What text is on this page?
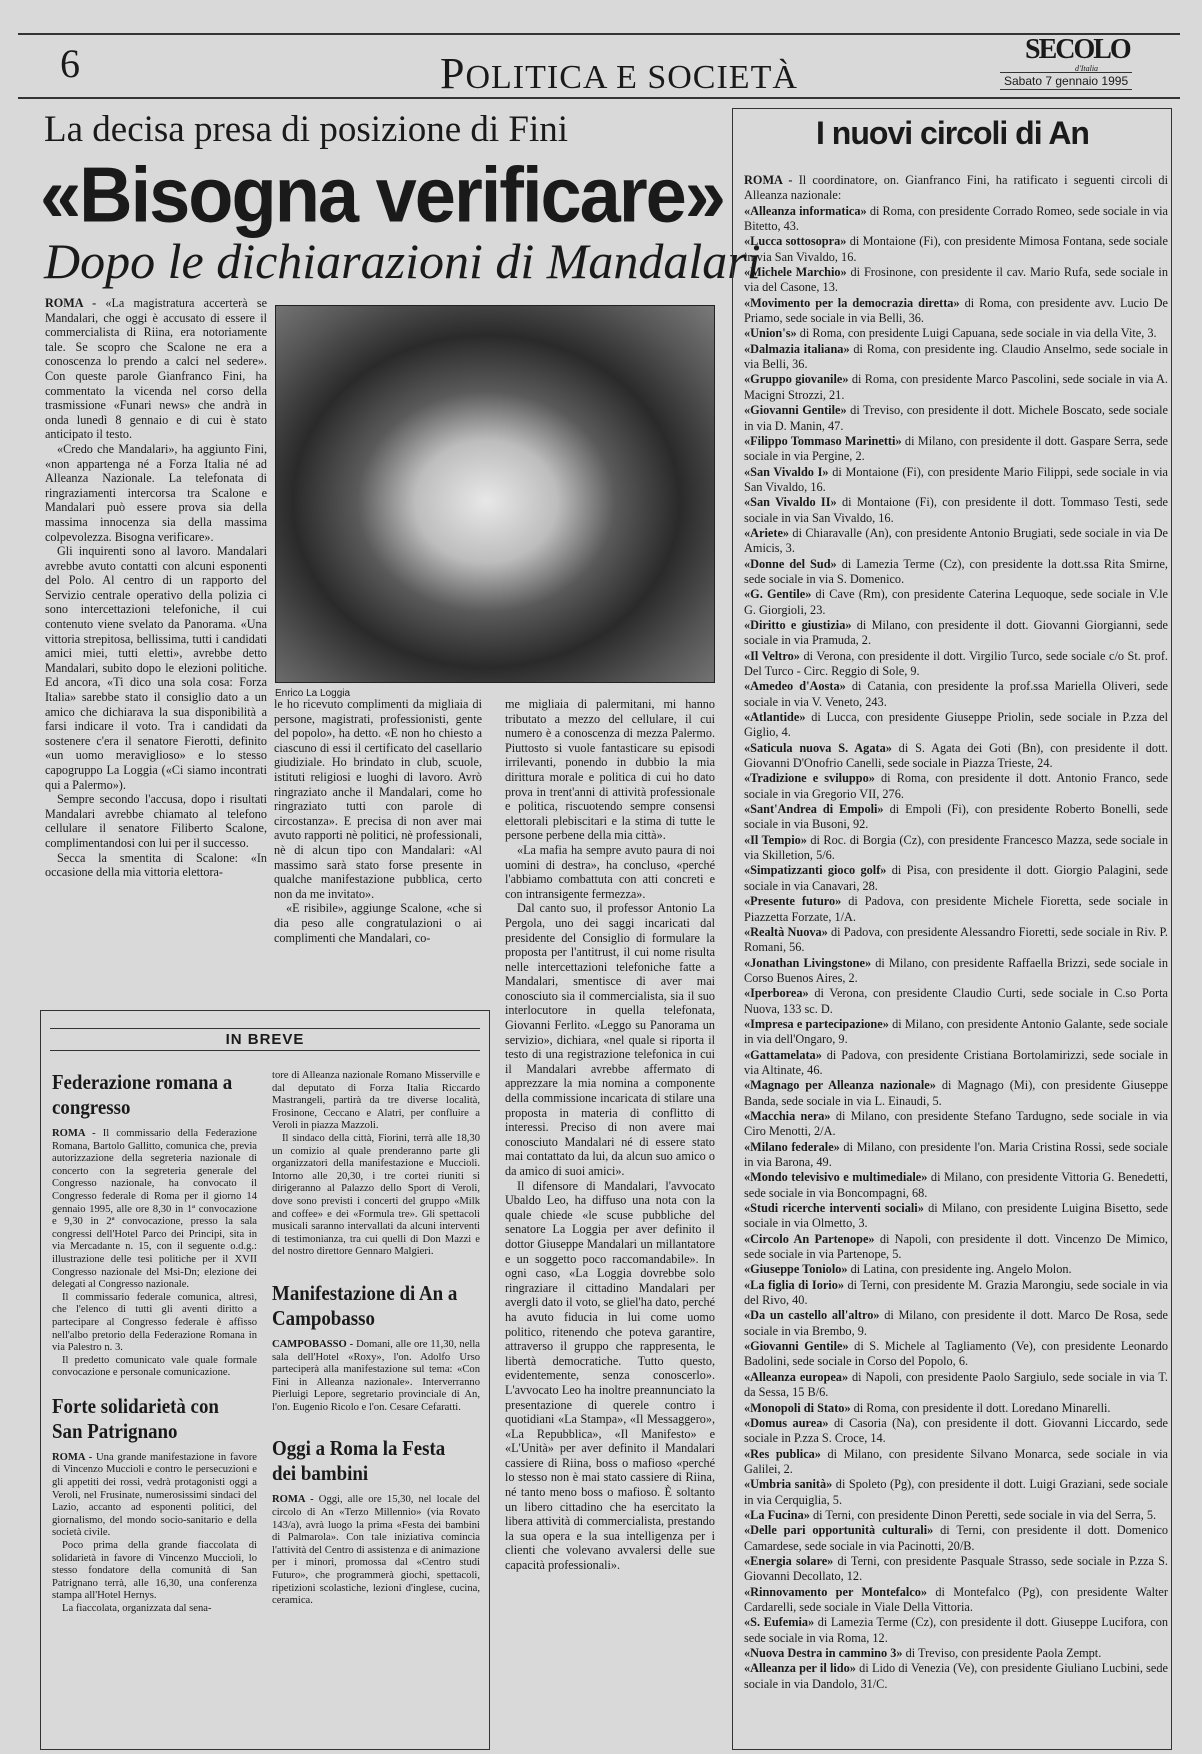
6	POLITICA E SOCIETÀ
SECOLO
d'Italia
Sabato 7 gennaio 1995
La decisa presa di posizione di Fini
«Bisogna verificare»
Dopo le dichiarazioni di Mandalari
Enrico La Loggia

ROMA - «La magistratura accerterà se Mandalari, che oggi è accusato di essere il commercialista di Riina, era notoriamente tale. Se scopro che Scalone ne era a conoscenza lo prendo a calci nel sedere». Con queste parole Gianfranco Fini, ha commentato la vicenda nel corso della trasmissione «Funari news» che andrà in onda lunedì 8 gennaio e di cui è stato anticipato il testo.

«Credo che Mandalari», ha aggiunto Fini, «non appartenga né a Forza Italia né ad Alleanza Nazionale. La telefonata di ringraziamenti intercorsa tra Scalone e Mandalari può essere prova sia della massima innocenza sia della massima colpevolezza. Bisogna verificare».

Gli inquirenti sono al lavoro. Mandalari avrebbe avuto contatti con alcuni esponenti del Polo. Al centro di un rapporto del Servizio centrale operativo della polizia ci sono intercettazioni telefoniche, il cui contenuto viene svelato da Panorama. «Una vittoria strepitosa, bellissima, tutti i candidati amici miei, tutti eletti», avrebbe detto Mandalari, subito dopo le elezioni politiche. Ed ancora, «Ti dico una sola cosa: Forza Italia» sarebbe stato il consiglio dato a un amico che dichiarava la sua disponibilità a farsi indicare il voto. Tra i candidati da sostenere c'era il senatore Fierotti, definito «un uomo meraviglioso» e lo stesso capogruppo La Loggia («Ci siamo incontrati qui a Palermo»).

Sempre secondo l'accusa, dopo i risultati Mandalari avrebbe chiamato al telefono cellulare il senatore Filiberto Scalone, complimentandosi con lui per il successo.

Secca la smentita di Scalone: «In occasione della mia vittoria elettora-

le ho ricevuto complimenti da migliaia di persone, magistrati, professionisti, gente del popolo», ha detto. «E non ho chiesto a ciascuno di essi il certificato del casellario giudiziale. Ho brindato in club, scuole, istituti religiosi e luoghi di lavoro. Avrò ringraziato anche il Mandalari, come ho ringraziato tutti con parole di circostanza». E precisa di non aver mai avuto rapporti nè politici, nè professionali, nè di alcun tipo con Mandalari: «Al massimo sarà stato forse presente in qualche manifestazione pubblica, certo non da me invitato».

«E risibile», aggiunge Scalone, «che si dia peso alle congratulazioni o ai complimenti che Mandalari, co-

me migliaia di palermitani, mi hanno tributato a mezzo del cellulare, il cui numero è a conoscenza di mezza Palermo. Piuttosto si vuole fantasticare su episodi irrilevanti, ponendo in dubbio la mia dirittura morale e politica di cui ho dato prova in trent'anni di attività professionale e politica, riscuotendo sempre consensi elettorali plebiscitari e la stima di tutte le persone perbene della mia città».

«La mafia ha sempre avuto paura di noi uomini di destra», ha concluso, «perché l'abbiamo combattuta con atti concreti e con intransigente fermezza».

Dal canto suo, il professor Antonio La Pergola, uno dei saggi incaricati dal presidente del Consiglio di formulare la proposta per l'antitrust, il cui nome risulta nelle intercettazioni telefoniche fatte a Mandalari, smentisce di aver mai conosciuto sia il commercialista, sia il suo interlocutore in quella telefonata, Giovanni Ferlito. «Leggo su Panorama un servizio», dichiara, «nel quale si riporta il testo di una registrazione telefonica in cui il Mandalari avrebbe affermato di apprezzare la mia nomina a componente della commissione incaricata di stilare una proposta in materia di conflitto di interessi. Preciso di non avere mai conosciuto Mandalari né di essere stato mai contattato da lui, da alcun suo amico o da amico di suoi amici».

Il difensore di Mandalari, l'avvocato Ubaldo Leo, ha diffuso una nota con la quale chiede «le scuse pubbliche del senatore La Loggia per aver definito il dottor Giuseppe Mandalari un millantatore e un soggetto poco raccomandabile». In ogni caso, «La Loggia dovrebbe solo ringraziare il cittadino Mandalari per avergli dato il voto, se gliel'ha dato, perché ha avuto fiducia in lui come uomo politico, ritenendo che poteva garantire, attraverso il gruppo che rappresenta, le libertà democratiche. Tutto questo, evidentemente, senza conoscerlo». L'avvocato Leo ha inoltre preannunciato la presentazione di querele contro i quotidiani «La Stampa», «Il Messaggero», «La Repubblica», «Il Manifesto» e «L'Unità» per aver definito il Mandalari cassiere di Riina, boss o mafioso «perché lo stesso non è mai stato cassiere di Riina, né tanto meno boss o mafioso. È soltanto un libero cittadino che ha esercitato la libera attività di commercialista, prestando la sua opera e la sua intelligenza per i clienti che volevano avvalersi delle sue capacità professionali».

IN BREVE
Federazione romana a congresso

ROMA - Il commissario della Federazione Romana, Bartolo Gallitto, comunica che, previa autorizzazione della segreteria nazionale di concerto con la segreteria generale del Congresso nazionale, ha convocato il Congresso federale di Roma per il giorno 14 gennaio 1995, alle ore 8,30 in 1ª convocazione e 9,30 in 2ª convocazione, presso la sala congressi dell'Hotel Parco dei Principi, sita in via Mercadante n. 15, con il seguente o.d.g.: illustrazione delle tesi politiche per il XVII Congresso nazionale del Msi-Dn; elezione dei delegati al Congresso nazionale.

Il commissario federale comunica, altresì, che l'elenco di tutti gli aventi diritto a partecipare al Congresso federale è affisso nell'albo pretorio della Federazione Romana in via Palestro n. 3.

Il predetto comunicato vale quale formale convocazione e personale comunicazione.

Forte solidarietà con San Patrignano

ROMA - Una grande manifestazione in favore di Vincenzo Muccioli e contro le persecuzioni e gli appetiti dei rossi, vedrà protagonisti oggi a Veroli, nel Frusinate, numerosissimi sindaci del Lazio, accanto ad esponenti politici, del giornalismo, del mondo socio-sanitario e della società civile.

Poco prima della grande fiaccolata di solidarietà in favore di Vincenzo Muccioli, lo stesso fondatore della comunità di San Patrignano terrà, alle 16,30, una conferenza stampa all'Hotel Hernys.

La fiaccolata, organizzata dal sena-

tore di Alleanza nazionale Romano Misserville e dal deputato di Forza Italia Riccardo Mastrangeli, partirà da tre diverse località, Frosinone, Ceccano e Alatri, per confluire a Veroli in piazza Mazzoli.

Il sindaco della città, Fiorini, terrà alle 18,30 un comizio al quale prenderanno parte gli organizzatori della manifestazione e Muccioli. Intorno alle 20,30, i tre cortei riuniti si dirigeranno al Palazzo dello Sport di Veroli, dove sono previsti i concerti del gruppo «Milk and coffee» e dei «Formula tre». Gli spettacoli musicali saranno intervallati da alcuni interventi di testimonianza, tra cui quelli di Don Mazzi e del nostro direttore Gennaro Malgieri.

Manifestazione di An a Campobasso

CAMPOBASSO - Domani, alle ore 11,30, nella sala dell'Hotel «Roxy», l'on. Adolfo Urso parteciperà alla manifestazione sul tema: «Con Fini in Alleanza nazionale». Interverranno Pierluigi Lepore, segretario provinciale di An, l'on. Eugenio Ricolo e l'on. Cesare Cefaratti.

Oggi a Roma la Festa dei bambini

ROMA - Oggi, alle ore 15,30, nel locale del circolo di An «Terzo Millennio» (via Rovato 143/a), avrà luogo la prima «Festa dei bambini di Palmarola». Con tale iniziativa comincia l'attività del Centro di assistenza e di animazione per i minori, promossa dal «Centro studi Futuro», che programmerà giochi, spettacoli, ripetizioni scolastiche, lezioni d'inglese, cucina, ceramica.

I nuovi circoli di An

ROMA - Il coordinatore, on. Gianfranco Fini, ha ratificato i seguenti circoli di Alleanza nazionale:

«Alleanza informatica» di Roma, con presidente Corrado Romeo, sede sociale in via Bitetto, 43.

«Lucca sottosopra» di Montaione (Fi), con presidente Mimosa Fontana, sede sociale in via San Vivaldo, 16.

«Michele Marchio» di Frosinone, con presidente il cav. Mario Rufa, sede sociale in via del Casone, 13.

«Movimento per la democrazia diretta» di Roma, con presidente avv. Lucio De Priamo, sede sociale in via Belli, 36.

«Union's» di Roma, con presidente Luigi Capuana, sede sociale in via della Vite, 3.

«Dalmazia italiana» di Roma, con presidente ing. Claudio Anselmo, sede sociale in via Belli, 36.

«Gruppo giovanile» di Roma, con presidente Marco Pascolini, sede sociale in via A. Macigni Strozzi, 21.

«Giovanni Gentile» di Treviso, con presidente il dott. Michele Boscato, sede sociale in via D. Manin, 47.

«Filippo Tommaso Marinetti» di Milano, con presidente il dott. Gaspare Serra, sede sociale in via Pergine, 2.

«San Vivaldo I» di Montaione (Fi), con presidente Mario Filippi, sede sociale in via San Vivaldo, 16.

«San Vivaldo II» di Montaione (Fi), con presidente il dott. Tommaso Testi, sede sociale in via San Vivaldo, 16.

«Ariete» di Chiaravalle (An), con presidente Antonio Brugiati, sede sociale in via De Amicis, 3.

«Donne del Sud» di Lamezia Terme (Cz), con presidente la dott.ssa Rita Smirne, sede sociale in via S. Domenico.

«G. Gentile» di Cave (Rm), con presidente Caterina Lequoque, sede sociale in V.le G. Giorgioli, 23.

«Diritto e giustizia» di Milano, con presidente il dott. Giovanni Giorgianni, sede sociale in via Pramuda, 2.

«Il Veltro» di Verona, con presidente il dott. Virgilio Turco, sede sociale c/o St. prof. Del Turco - Circ. Reggio di Sole, 9.

«Amedeo d'Aosta» di Catania, con presidente la prof.ssa Mariella Oliveri, sede sociale in via V. Veneto, 243.

«Atlantide» di Lucca, con presidente Giuseppe Priolin, sede sociale in P.zza del Giglio, 4.

«Saticula nuova S. Agata» di S. Agata dei Goti (Bn), con presidente il dott. Giovanni D'Onofrio Canelli, sede sociale in Piazza Trieste, 24.

«Tradizione e sviluppo» di Roma, con presidente il dott. Antonio Franco, sede sociale in via Gregorio VII, 276.

«Sant'Andrea di Empoli» di Empoli (Fi), con presidente Roberto Bonelli, sede sociale in via Busoni, 92.

«Il Tempio» di Roc. di Borgia (Cz), con presidente Francesco Mazza, sede sociale in via Skilletion, 5/6.

«Simpatizzanti gioco golf» di Pisa, con presidente il dott. Giorgio Palagini, sede sociale in via Canavari, 28.

«Presente futuro» di Padova, con presidente Michele Fioretta, sede sociale in Piazzetta Forzate, 1/A.

«Realtà Nuova» di Padova, con presidente Alessandro Fioretti, sede sociale in Riv. P. Romani, 56.

«Jonathan Livingstone» di Milano, con presidente Raffaella Brizzi, sede sociale in Corso Buenos Aires, 2.

«Iperborea» di Verona, con presidente Claudio Curti, sede sociale in C.so Porta Nuova, 133 sc. D.

«Impresa e partecipazione» di Milano, con presidente Antonio Galante, sede sociale in via dell'Ongaro, 9.

«Gattamelata» di Padova, con presidente Cristiana Bortolamirizzi, sede sociale in via Altinate, 46.

«Magnago per Alleanza nazionale» di Magnago (Mi), con presidente Giuseppe Banda, sede sociale in via L. Einaudi, 5.

«Macchia nera» di Milano, con presidente Stefano Tardugno, sede sociale in via Ciro Menotti, 2/A.

«Milano federale» di Milano, con presidente l'on. Maria Cristina Rossi, sede sociale in via Barona, 49.

«Mondo televisivo e multimediale» di Milano, con presidente Vittoria G. Benedetti, sede sociale in via Boncompagni, 68.

«Studi ricerche interventi sociali» di Milano, con presidente Luigina Bisetto, sede sociale in via Olmetto, 3.

«Circolo An Partenope» di Napoli, con presidente il dott. Vincenzo De Mimico, sede sociale in via Partenope, 5.

«Giuseppe Toniolo» di Latina, con presidente ing. Angelo Molon.

«La figlia di Iorio» di Terni, con presidente M. Grazia Marongiu, sede sociale in via del Rivo, 40.

«Da un castello all'altro» di Milano, con presidente il dott. Marco De Rosa, sede sociale in via Brembo, 9.

«Giovanni Gentile» di S. Michele al Tagliamento (Ve), con presidente Leonardo Badolini, sede sociale in Corso del Popolo, 6.

«Alleanza europea» di Napoli, con presidente Paolo Sargiulo, sede sociale in via T. da Sessa, 15 B/6.

«Monopoli di Stato» di Roma, con presidente il dott. Loredano Minarelli.

«Domus aurea» di Casoria (Na), con presidente il dott. Giovanni Liccardo, sede sociale in P.zza S. Croce, 14.

«Res publica» di Milano, con presidente Silvano Monarca, sede sociale in via Galilei, 2.

«Umbria sanità» di Spoleto (Pg), con presidente il dott. Luigi Graziani, sede sociale in via Cerquiglia, 5.

«La Fucina» di Terni, con presidente Dinon Peretti, sede sociale in via del Serra, 5.

«Delle pari opportunità culturali» di Terni, con presidente il dott. Domenico Camardese, sede sociale in via Pacinotti, 20/B.

«Energia solare» di Terni, con presidente Pasquale Strasso, sede sociale in P.zza S. Giovanni Decollato, 12.

«Rinnovamento per Montefalco» di Montefalco (Pg), con presidente Walter Cardarelli, sede sociale in Viale Della Vittoria.

«S. Eufemia» di Lamezia Terme (Cz), con presidente il dott. Giuseppe Lucifora, con sede sociale in via Roma, 12.

«Nuova Destra in cammino 3» di Treviso, con presidente Paola Zempt.

«Alleanza per il lido» di Lido di Venezia (Ve), con presidente Giuliano Lucbini, sede sociale in via Dandolo, 31/C.
